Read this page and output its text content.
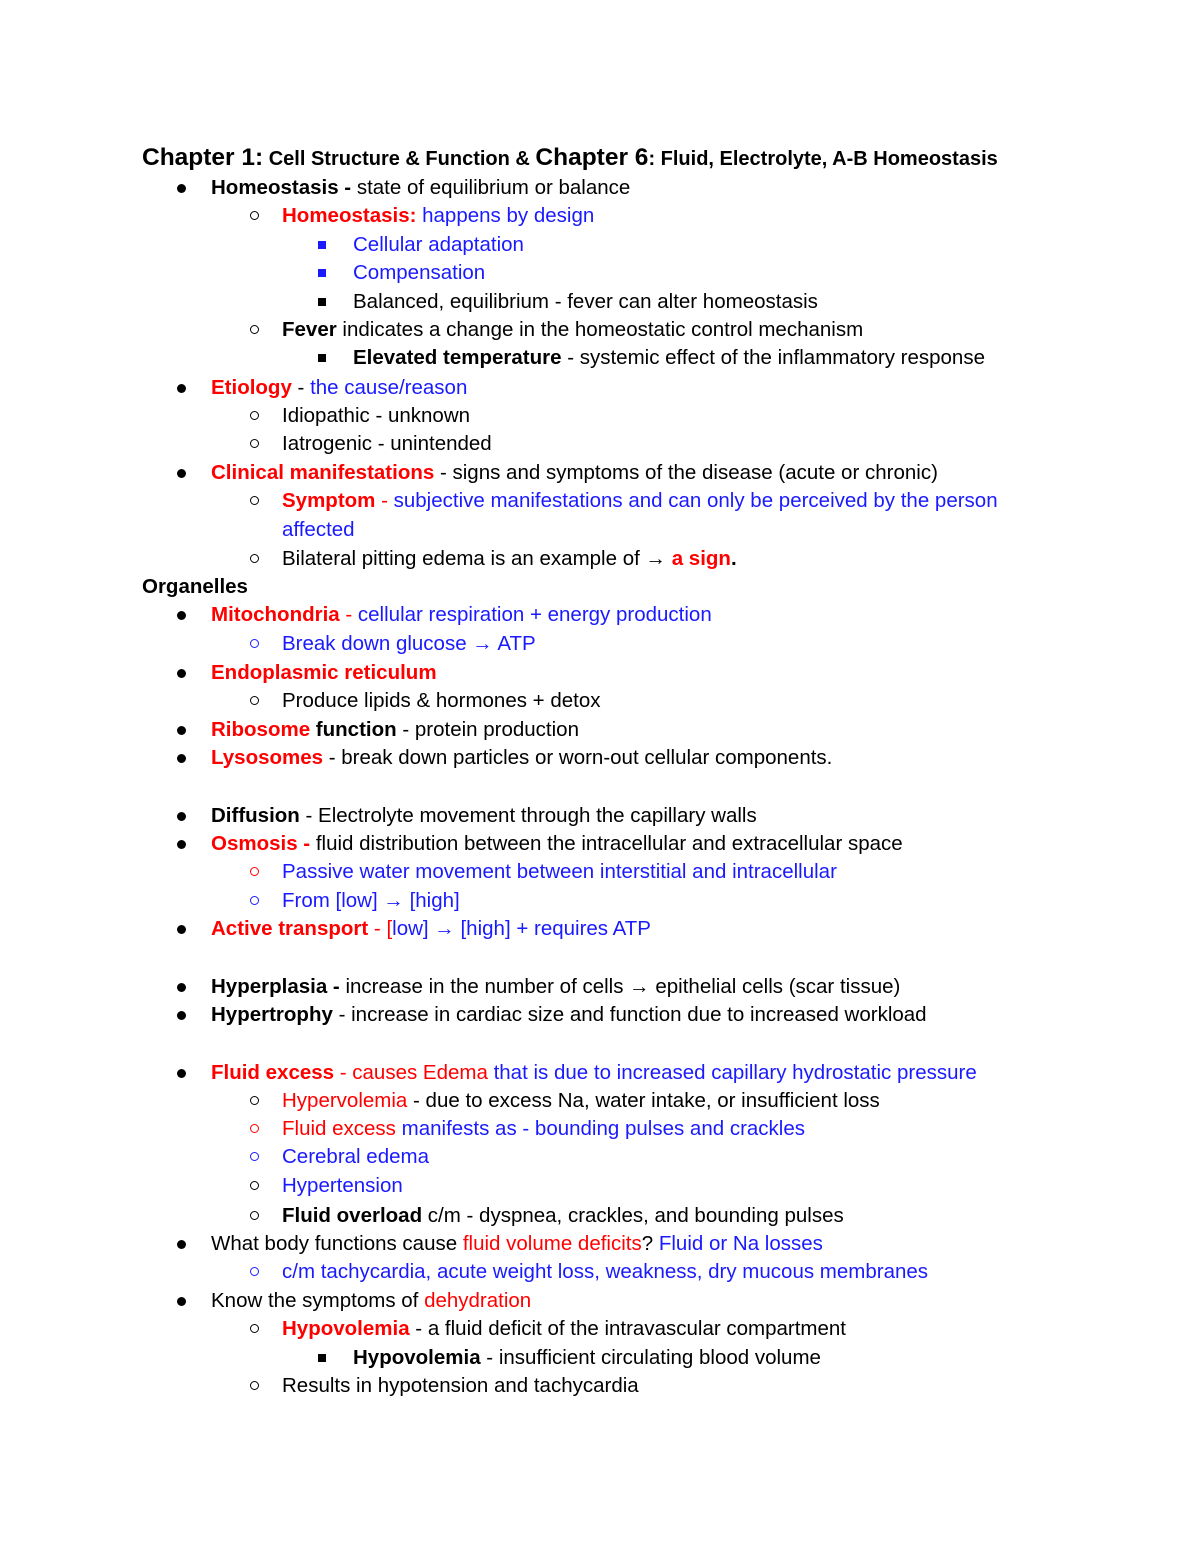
Chapter 1: Cell Structure & Function & Chapter 6: Fluid, Electrolyte, A-B Homeostasis
Homeostasis - state of equilibrium or balance
Homeostasis: happens by design
Cellular adaptation
Compensation
Balanced, equilibrium - fever can alter homeostasis
Fever indicates a change in the homeostatic control mechanism
Elevated temperature - systemic effect of the inflammatory response
Etiology - the cause/reason
Idiopathic - unknown
Iatrogenic - unintended
Clinical manifestations - signs and symptoms of the disease (acute or chronic)
Symptom - subjective manifestations and can only be perceived by the person
affected
Bilateral pitting edema is an example of → a sign.
Organelles
Mitochondria - cellular respiration + energy production
Break down glucose → ATP
Endoplasmic reticulum
Produce lipids & hormones + detox
Ribosome function - protein production
Lysosomes - break down particles or worn-out cellular components.
Diffusion - Electrolyte movement through the capillary walls
Osmosis - fluid distribution between the intracellular and extracellular space
Passive water movement between interstitial and intracellular
From [low] → [high]
Active transport - [low] → [high] + requires ATP
Hyperplasia - increase in the number of cells → epithelial cells (scar tissue)
Hypertrophy - increase in cardiac size and function due to increased workload
Fluid excess - causes Edema that is due to increased capillary hydrostatic pressure
Hypervolemia - due to excess Na, water intake, or insufficient loss
Fluid excess manifests as - bounding pulses and crackles
Cerebral edema
Hypertension
Fluid overload c/m - dyspnea, crackles, and bounding pulses
What body functions cause fluid volume deficits? Fluid or Na losses
c/m tachycardia, acute weight loss, weakness, dry mucous membranes
Know the symptoms of dehydration
Hypovolemia - a fluid deficit of the intravascular compartment
Hypovolemia - insufficient circulating blood volume
Results in hypotension and tachycardia
